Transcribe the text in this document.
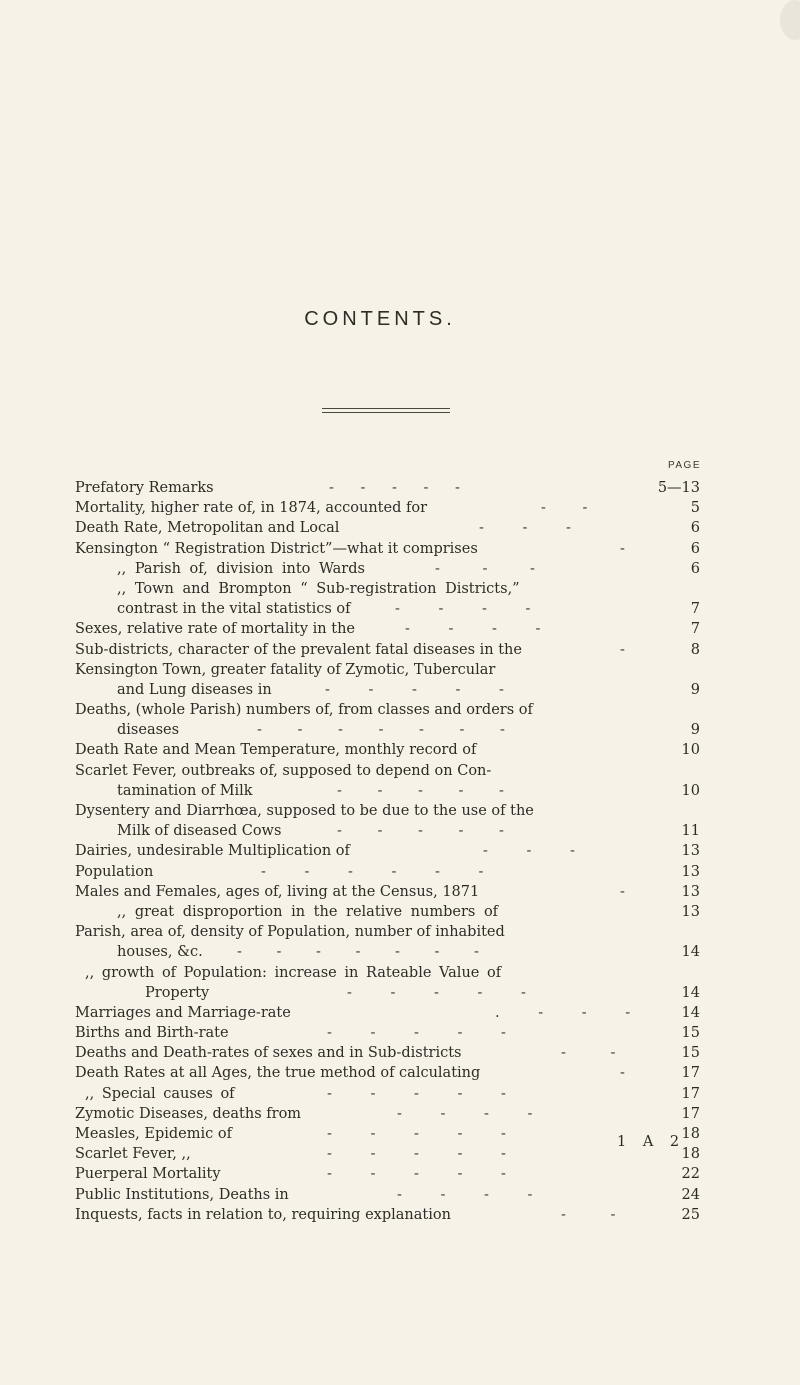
CONTENTS.
PAGE
Prefatory Remarks	- - - - -	5—13
Mortality, higher rate of, in 1874, accounted for	- -	5
Death Rate, Metropolitan and Local	- - -	6
Kensington “ Registration District”—what it comprises	-	6
,, Parish of, division into Wards	- - -	6
,, Town and Brompton “ Sub-registration Districts,”
contrast in the vital statistics of	- - - -	7
Sexes, relative rate of mortality in the	- - - -	7
Sub-districts, character of the prevalent fatal diseases in the	-	8
Kensington Town, greater fatality of Zymotic, Tubercular
and Lung diseases in	- - - - -	9
Deaths, (whole Parish) numbers of, from classes and orders of
diseases	- - - - - - -	9
Death Rate and Mean Temperature, monthly record of	10
Scarlet Fever, outbreaks of, supposed to depend on Con-
tamination of Milk	- - - - -	10
Dysentery and Diarrhœa, supposed to be due to the use of the
Milk of diseased Cows	- - - - -	11
Dairies, undesirable Multiplication of	- - -	13
Population	- - - - - -	13
Males and Females, ages of, living at the Census, 1871	-	13
,, great disproportion in the relative numbers of	13
Parish, area of, density of Population, number of inhabited
houses, &c. - - - - - - -	14
,, growth of Population: increase in Rateable Value of
Property	- - - - -	14
Marriages and Marriage-rate	. - - -	14
Births and Birth-rate	- - - - -	15
Deaths and Death-rates of sexes and in Sub-districts	- -	15
Death Rates at all Ages, the true method of calculating	-	17
,, Special causes of	- - - - -	17
Zymotic Diseases, deaths from	- - - -	17
Measles, Epidemic of	- - - - -	18
Scarlet Fever, ,,	- - - - -	18
Puerperal Mortality	- - - - -	22
Public Institutions, Deaths in	- - - -	24
Inquests, facts in relation to, requiring explanation	- -	25
1 A 2
